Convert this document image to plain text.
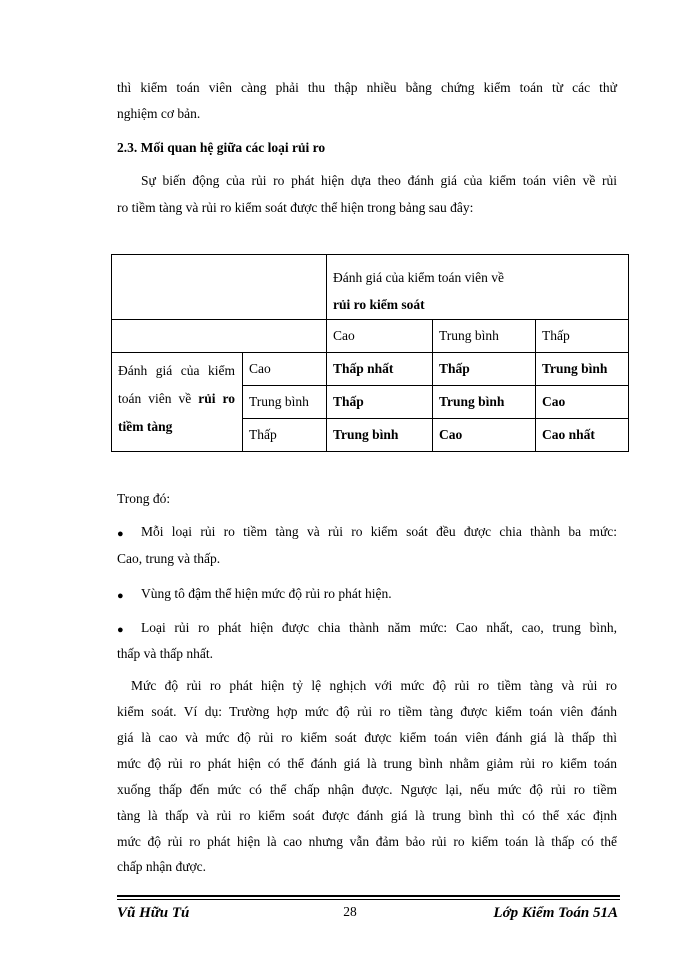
thì kiểm toán viên càng phải thu thập nhiều bằng chứng kiểm toán từ các thử
nghiệm cơ bản.
2.3. Mối quan hệ giữa các loại rủi ro
Sự biến động của rủi ro phát hiện dựa theo đánh giá của kiểm toán viên về rủi
ro tiềm tàng và rủi ro kiểm soát được thể hiện trong bảng sau đây:

		Đánh giá của kiểm toán viên về
rủi ro kiểm soát		

		Cao	Trung bình	Thấp

Đánh giá của kiểm
toán viên về rủi ro
tiềm tàng	Cao	Thấp nhất	Thấp	Trung bình
	Trung bình	Thấp	Trung bình	Cao
	Thấp	Trung bình	Cao	Cao nhất
Trong đó:
● Mỗi loại rủi ro tiềm tàng và rủi ro kiểm soát đều được chia thành ba mức:
Cao, trung và thấp.
● Vùng tô đậm thể hiện mức độ rủi ro phát hiện.
● Loại rủi ro phát hiện được chia thành năm mức: Cao nhất, cao, trung bình,
thấp và thấp nhất.
Mức độ rủi ro phát hiện tỷ lệ nghịch với mức độ rủi ro tiềm tàng và rủi ro
kiểm soát. Ví dụ: Trường hợp mức độ rủi ro tiềm tàng được kiểm toán viên đánh
giá là cao và mức độ rủi ro kiểm soát được kiểm toán viên đánh giá là thấp thì
mức độ rủi ro phát hiện có thể đánh giá là trung bình nhằm giảm rủi ro kiểm toán
xuống thấp đến mức có thể chấp nhận được. Ngược lại, nếu mức độ rủi ro tiềm
tàng là thấp và rủi ro kiểm soát được đánh giá là trung bình thì có thể xác định
mức độ rủi ro phát hiện là cao nhưng vẫn đảm bảo rủi ro kiểm toán là thấp có thể
chấp nhận được.
Vũ Hữu Tú	28	Lớp Kiểm Toán 51A
